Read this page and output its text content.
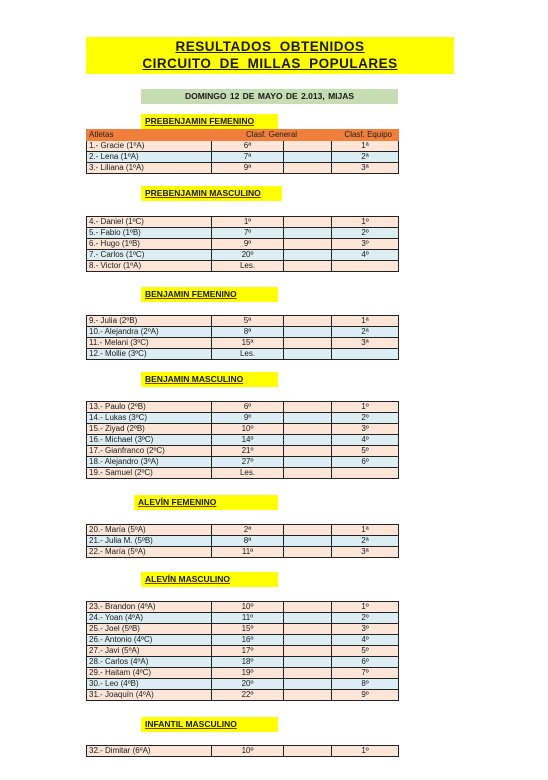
RESULTADOS OBTENIDOS
CIRCUITO DE MILLAS POPULARES
DOMINGO 12 DE MAYO DE 2.013, MIJAS
PREBENJAMIN FEMENINO
Atletas	Clasf. General		Clasf. Equipo
1.- Gracie (1ºA)	6ª		1ª
2.- Lena (1ºA)	7ª		2ª
3.- Liliana (1ºA)	9ª		3ª
PREBENJAMIN MASCULINO
4.- Daniel (1ºC)	1º		1º
5.- Fabio (1ºB)	7º		2º
6.- Hugo (1ºB)	9º		3º
7.- Carlos (1ºC)	20º		4º
8.- Victor (1ºA)	Les.		
BENJAMIN FEMENINO
9.- Julia (2ºB)	5ª		1ª
10.- Alejandra (2ºA)	8ª		2ª
11.- Melani (3ºC)	15ª		3ª
12.- Mollie (3ºC)	Les.		
BENJAMIN MASCULINO
13.- Paulo (2ºB)	6º		1º
14.- Lukas (3ºC)	9º		2º
15.- Ziyad (2ºB)	10º		3º
16.- Michael (3ºC)	14º		4º
17.- Gianfranco (2ºC)	21º		5º
18.- Alejandro (3ºA)	27º		6º
19.- Samuel (2ºC)	Les.		
ALEVÍN FEMENINO
20.- María (5ºA)	2ª		1ª
21.- Julia M. (5ºB)	8ª		2ª
22.- María (5ºA)	11ª		3ª
ALEVÍN MASCULINO
23.- Brandon (4ºA)	10º		1º
24.- Yoan (4ºA)	11º		2º
25.- Joel (5ºB)	15º		3º
26.- Antonio (4ºC)	16º		4º
27.- Javi (5ºA)	17º		5º
28.- Carlos (4ºA)	18º		6º
29.- Haitam (4ºC)	19º		7º
30.- Leo (4ºB)	20º		8º
31.- Joaquín (4ºA)	22º		9º
INFANTIL MASCULINO
32.- Dimitar (6ºA)	10º		1º
